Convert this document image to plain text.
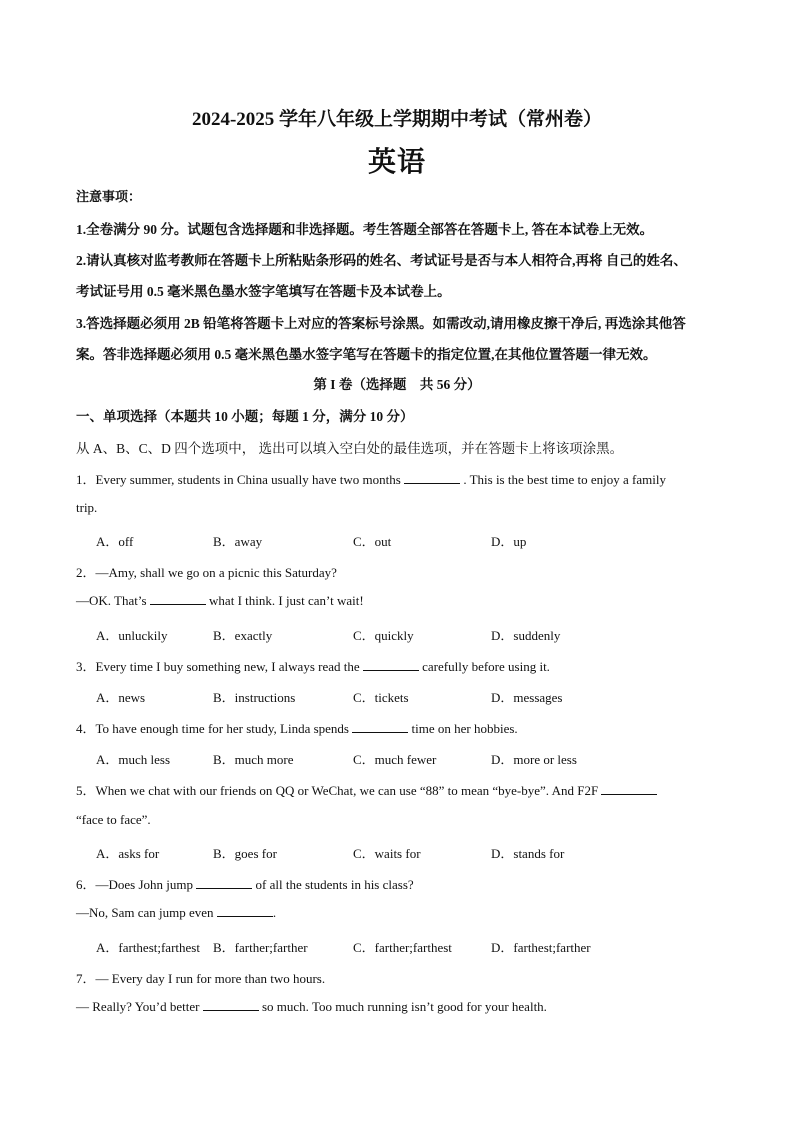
2024-2025 学年八年级上学期期中考试（常州卷）
英语
注意事项：
1.全卷满分 90 分。试题包含选择题和非选择题。考生答题全部答在答题卡上, 答在本试卷上无效。
2.请认真核对监考教师在答题卡上所粘贴条形码的姓名、考试证号是否与本人相符合,再将 自己的姓名、
考试证号用 0.5 毫米黑色墨水签字笔填写在答题卡及本试卷上。
3.答选择题必须用 2B 铅笔将答题卡上对应的答案标号涂黑。如需改动,请用橡皮擦干净后, 再选涂其他答
案。答非选择题必须用 0.5 毫米黑色墨水签字笔写在答题卡的指定位置,在其他位置答题一律无效。
第 I 卷（选择题　共 56 分）
一、单项选择（本题共 10 小题；每题 1 分，满分 10 分）
从 A、B、C、D 四个选项中， 选出可以填入空白处的最佳选项，并在答题卡上将该项涂黑。
1．Every summer, students in China usually have two months	. This is the best time to enjoy a family
trip.
A．off	B．away	C．out	D．up
2．—Amy, shall we go on a picnic this Saturday?
—OK. That’s	what I think. I just can’t wait!
A．unluckily	B．exactly	C．quickly	D．suddenly
3．Every time I buy something new, I always read the	carefully before using it.
A．news	B．instructions	C．tickets	D．messages
4．To have enough time for her study, Linda spends	time on her hobbies.
A．much less	B．much more	C．much fewer	D．more or less
5．When we chat with our friends on QQ or WeChat, we can use “88” to mean “bye-bye”. And F2F
“face to face”.
A．asks for	B．goes for	C．waits for	D．stands for
6．—Does John jump	of all the students in his class?
—No, Sam can jump even	.
A．farthest;farthest B．farther;farther	C．farther;farthest	D．farthest;farther
7．— Every day I run for more than two hours.
— Really? You’d better	so much. Too much running isn’t good for your health.
